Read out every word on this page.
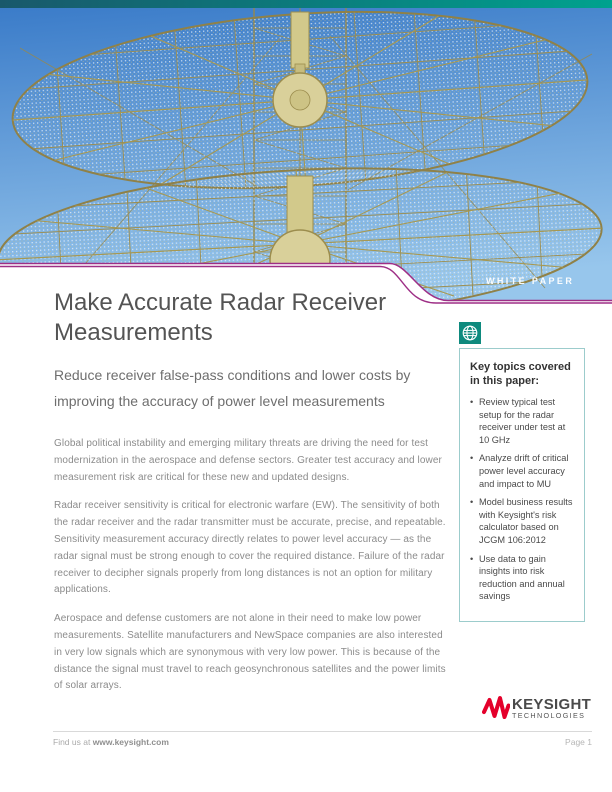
WHITE PAPER
Make Accurate Radar Receiver Measurements
Reduce receiver false-pass conditions and lower costs by improving the accuracy of power level measurements

Global political instability and emerging military threats are driving the need for test modernization in the aerospace and defense sectors. Greater test accuracy and lower measurement risk are critical for these new and updated designs.

Radar receiver sensitivity is critical for electronic warfare (EW). The sensitivity of both the radar receiver and the radar transmitter must be accurate, precise, and repeatable. Sensitivity measurement accuracy directly relates to power level accuracy — as the radar signal must be strong enough to cover the required distance. Failure of the radar receiver to decipher signals properly from long distances is not an option for military applications.

Aerospace and defense customers are not alone in their need to make low power measurements. Satellite manufacturers and NewSpace companies are also interested in very low signals which are synonymous with very low power. This is because of the distance the signal must travel to reach geosynchronous satellites and the power limits of solar arrays.

Key topics covered in this paper:
• Review typical test setup for the radar receiver under test at 10 GHz
• Analyze drift of critical power level accuracy and impact to MU
• Model business results with Keysight's risk calculator based on JCGM 106:2012
• Use data to gain insights into risk reduction and annual savings
KEYSIGHT
TECHNOLOGIES
Find us at www.keysight.com	Page 1
